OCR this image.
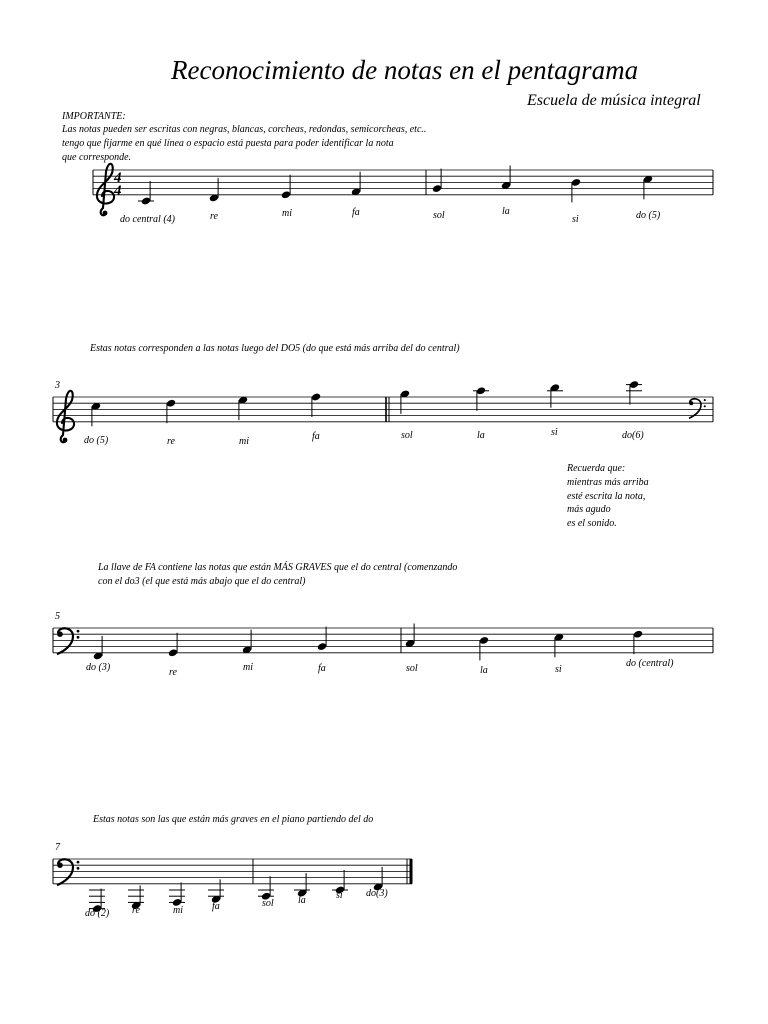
Reconocimiento de notas en el pentagrama
Escuela de música integral
IMPORTANTE:
Las notas pueden ser escritas con negras, blancas, corcheas, redondas, semicorcheas, etc..
tengo que fijarme en qué línea o espacio está puesta para poder identificar la nota
que corresponde.
Estas notas corresponden a las notas luego del DO5 (do que está más arriba del do central)
Recuerda que:
mientras más arriba
esté escrita la nota,
más agudo
es el sonido.
La llave de FA contiene las notas que están MÁS GRAVES que el do central (comenzando
con el do3 (el que está más abajo que el do central)
Estas notas son las que están más graves en el piano partiendo del do
4
4
do central (4)	re	mi	fa	sol	la
si	do (5)
3
do (5)	re	mi	fa	sol	la	si	do(6)
5
do (3)	re	mi	fa	sol	la	si
do (central)
7
do (2) re	mi	fa	sol la	si do(3)
